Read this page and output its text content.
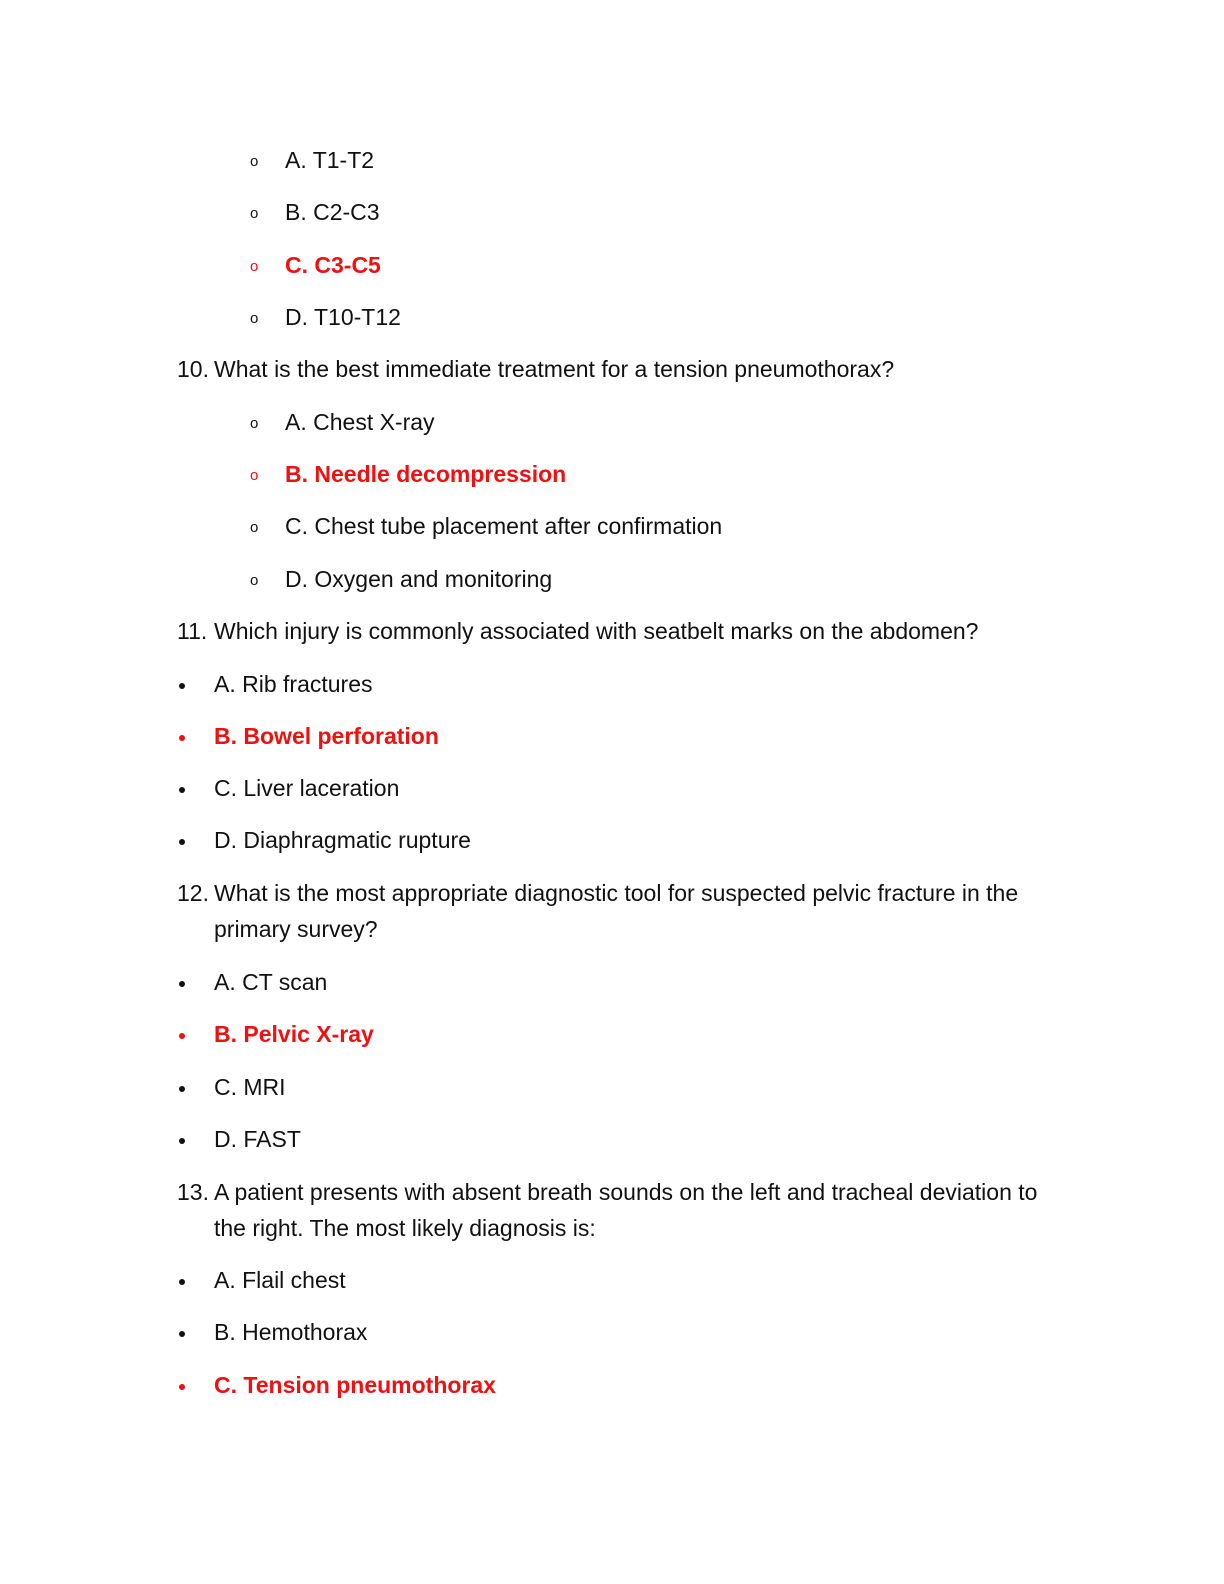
o A. T1-T2
o B. C2-C3
o C. C3-C5
o D. T10-T12
10. What is the best immediate treatment for a tension pneumothorax?
o A. Chest X-ray
o B. Needle decompression
o C. Chest tube placement after confirmation
o D. Oxygen and monitoring
11. Which injury is commonly associated with seatbelt marks on the abdomen?
A. Rib fractures
B. Bowel perforation
C. Liver laceration
D. Diaphragmatic rupture
12. What is the most appropriate diagnostic tool for suspected pelvic fracture in the primary survey?
A. CT scan
B. Pelvic X-ray
C. MRI
D. FAST
13. A patient presents with absent breath sounds on the left and tracheal deviation to the right. The most likely diagnosis is:
A. Flail chest
B. Hemothorax
C. Tension pneumothorax
